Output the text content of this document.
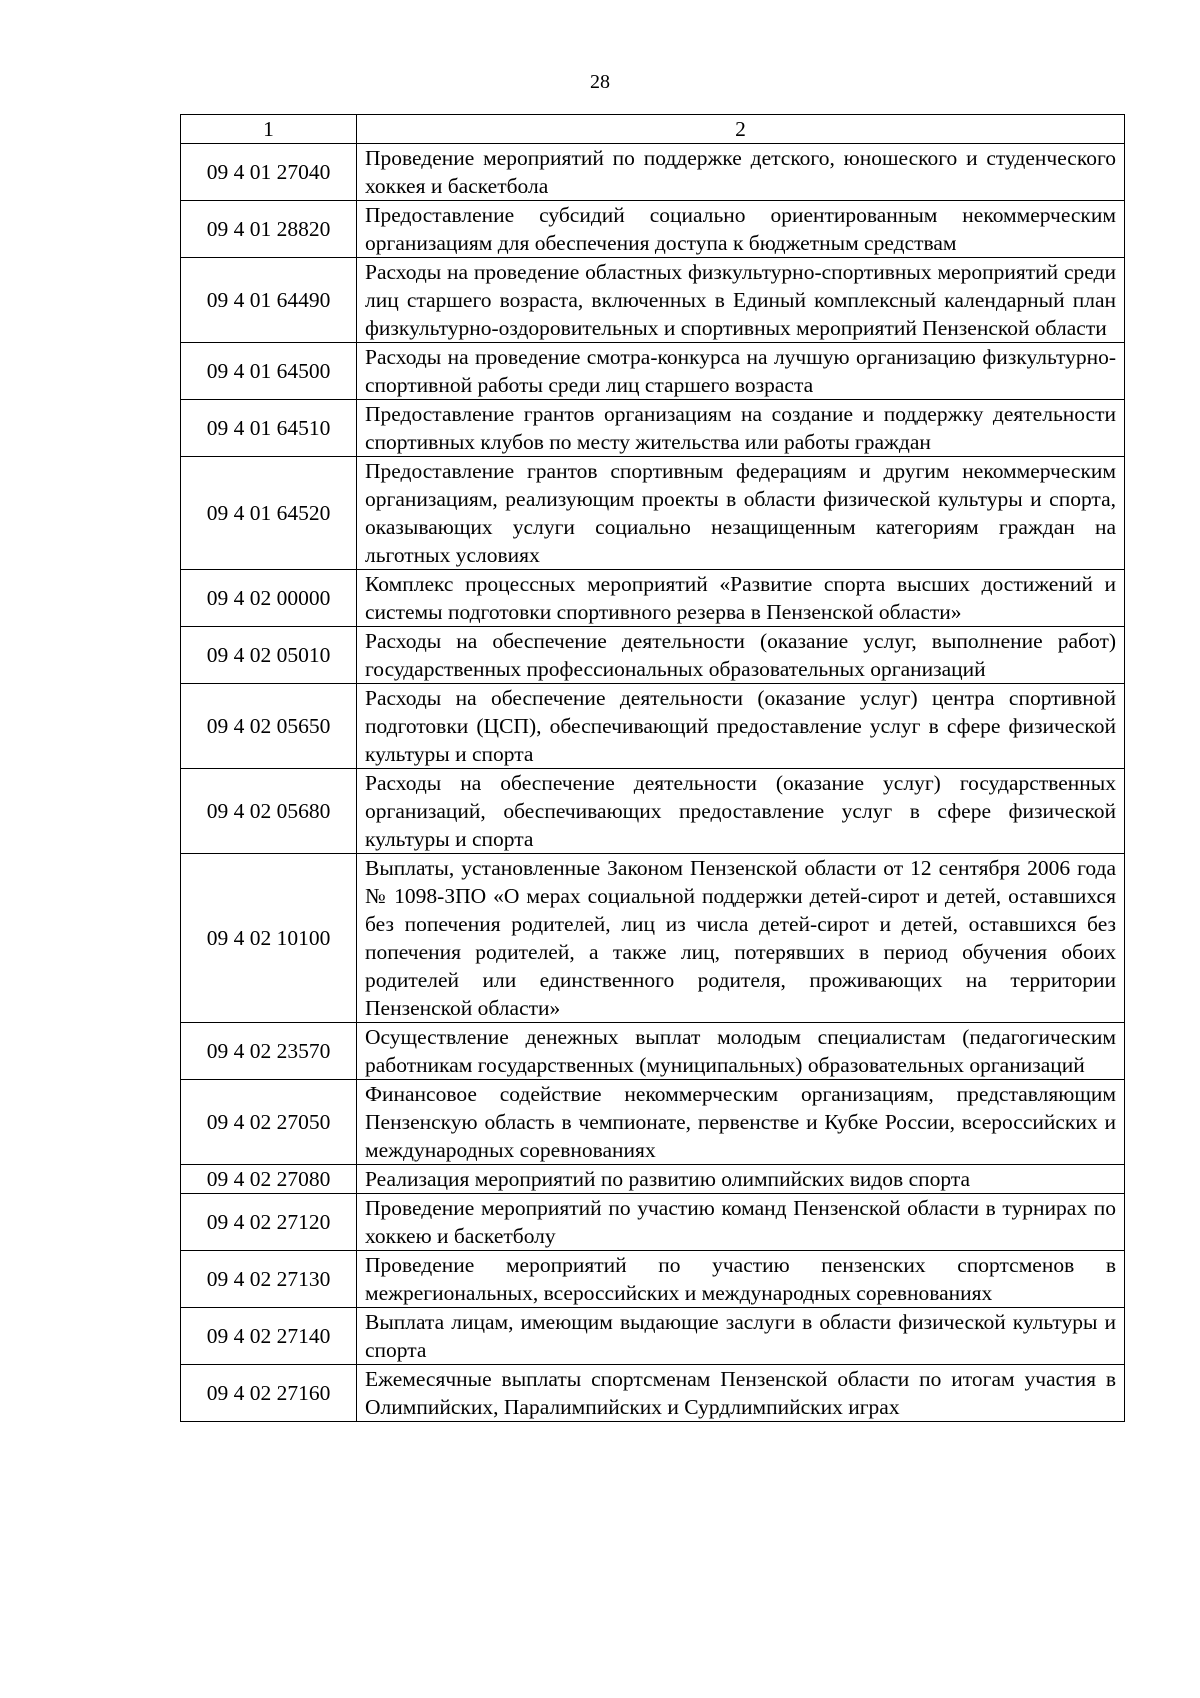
28
1	2
09 4 01 27040	Проведение мероприятий по поддержке детского, юношеского и студенческого хоккея и баскетбола
09 4 01 28820	Предоставление субсидий социально ориентированным некоммерческим организациям для обеспечения доступа к бюджетным средствам
09 4 01 64490	Расходы на проведение областных физкультурно-спортивных мероприятий среди лиц старшего возраста, включенных в Единый комплексный календарный план физкультурно-оздоровительных и спортивных мероприятий Пензенской области
09 4 01 64500	Расходы на проведение смотра-конкурса на лучшую организацию физкультурно-спортивной работы среди лиц старшего возраста
09 4 01 64510	Предоставление грантов организациям на создание и поддержку деятельности спортивных клубов по месту жительства или работы граждан
09 4 01 64520	Предоставление грантов спортивным федерациям и другим некоммерческим организациям, реализующим проекты в области физической культуры и спорта, оказывающих услуги социально незащищенным категориям граждан на льготных условиях
09 4 02 00000	Комплекс процессных мероприятий «Развитие спорта высших достижений и системы подготовки спортивного резерва в Пензенской области»
09 4 02 05010	Расходы на обеспечение деятельности (оказание услуг, выполнение работ) государственных профессиональных образовательных организаций
09 4 02 05650	Расходы на обеспечение деятельности (оказание услуг) центра спортивной подготовки (ЦСП), обеспечивающий предоставление услуг в сфере физической культуры и спорта
09 4 02 05680	Расходы на обеспечение деятельности (оказание услуг) государственных организаций, обеспечивающих предоставление услуг в сфере физической культуры и спорта
09 4 02 10100	Выплаты, установленные Законом Пензенской области от 12 сентября 2006 года № 1098-ЗПО «О мерах социальной поддержки детей-сирот и детей, оставшихся без попечения родителей, лиц из числа детей-сирот и детей, оставшихся без попечения родителей, а также лиц, потерявших в период обучения обоих родителей или единственного родителя, проживающих на территории Пензенской области»
09 4 02 23570	Осуществление денежных выплат молодым специалистам (педагогическим работникам государственных (муниципальных) образовательных организаций
09 4 02 27050	Финансовое содействие некоммерческим организациям, представляющим Пензенскую область в чемпионате, первенстве и Кубке России, всероссийских и международных соревнованиях
09 4 02 27080	Реализация мероприятий по развитию олимпийских видов спорта
09 4 02 27120	Проведение мероприятий по участию команд Пензенской области в турнирах по хоккею и баскетболу
09 4 02 27130	Проведение мероприятий по участию пензенских спортсменов в межрегиональных, всероссийских и международных соревнованиях
09 4 02 27140	Выплата лицам, имеющим выдающие заслуги в области физической культуры и спорта
09 4 02 27160	Ежемесячные выплаты спортсменам Пензенской области по итогам участия в Олимпийских, Паралимпийских и Сурдлимпийских играх
